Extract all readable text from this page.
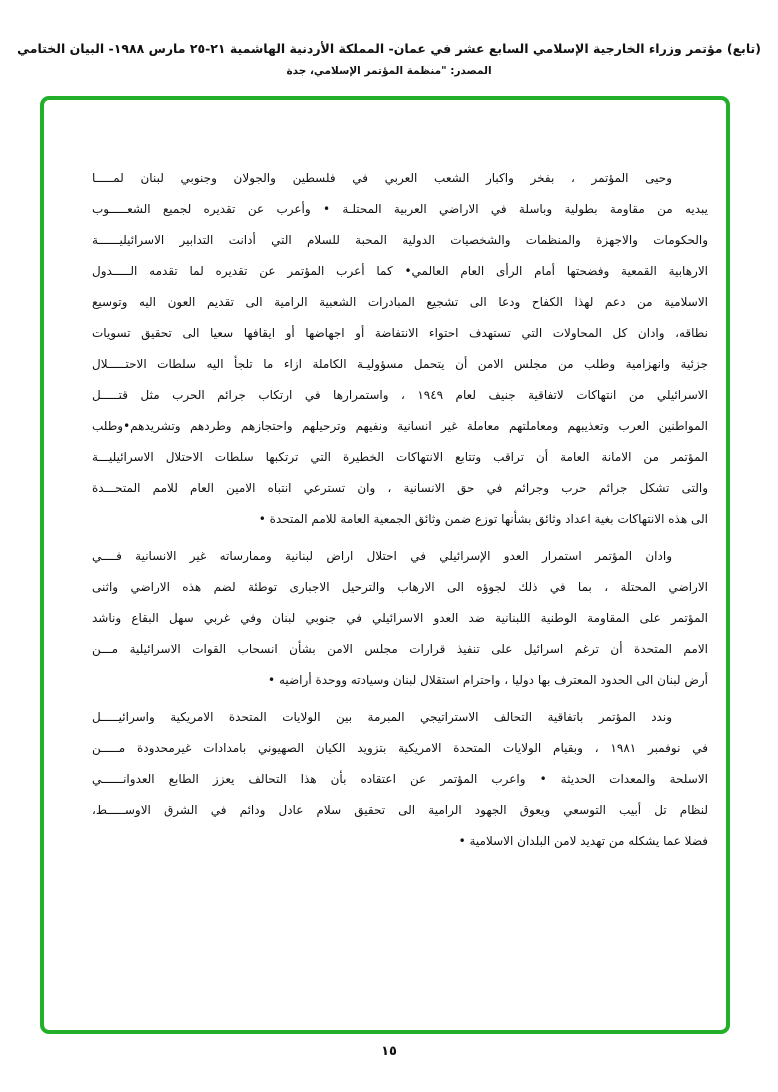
(تابع) مؤتمر وزراء الخارجية الإسلامي السابع عشر في عمان- المملكة الأردنية الهاشمية ٢١-٢٥ مارس ١٩٨٨- البيان الختامي
المصدر: "منظمة المؤتمر الإسلامي، جدة
وحيى المؤتمر ، بفخر واكبار الشعب العربي في فلسطين والجولان وجنوبي لبنان لمـــــا
يبديه من مقاومة بطولية وباسلة في الاراضي العربية المحتلـة • وأعرب عن تقديره لجميع الشعـــــوب
والحكومات والاجهزة والمنظمات والشخصيات الدولية المحبة للسلام التي أدانت التدابير الاسرائيليــــــة
الارهابية القمعية وفضحتها أمام الرأى العام العالمي• كما أعرب المؤتمر عن تقديره لما تقدمه الـــــدول
الاسلامية من دعم لهذا الكفاح ودعا الى تشجيع المبادرات الشعبية الرامية الى تقديم العون اليه وتوسيع
نطاقه، وادان كل المحاولات التي تستهدف احتواء الانتفاضة أو اجهاضها أو ايقافها سعيا الى تحقيق تسويات
جزئية وانهزامية وطلب من مجلس الامن أن يتحمل مسؤوليـة الكاملة ازاء ما تلجأ اليه سلطات الاحتـــــلال
الاسرائيلي من انتهاكات لاتفاقية جنيف لعام ١٩٤٩ ، واستمرارها في ارتكاب جرائم الحرب مثل قتـــــل
المواطنين العرب وتعذيبهم ومعاملتهم معاملة غير انسانية ونفيهم وترحيلهم واحتجازهم وطردهم وتشريدهم•وطلب
المؤتمر من الامانة العامة أن تراقب وتتابع الانتهاكات الخطيرة التي ترتكبها سلطات الاحتلال الاسرائيليـــة
والتى تشكل جرائم حرب وجرائم في حق الانسانية ، وان تسترعي انتباه الامين العام للامم المتحـــدة
الى هذه الانتهاكات بغية اعداد وثائق بشأنها توزع ضمن وثائق الجمعية العامة للامم المتحدة •
وادان المؤتمر استمرار العدو الإسرائيلي في احتلال اراض لبنانية وممارساته غير الانسانية فــــي
الاراضي المحتلة ، بما في ذلك لجوؤه الى الارهاب والترحيل الاجبارى توطئة لضم هذه الاراضي واثنى
المؤتمر على المقاومة الوطنية اللبنانية ضد العدو الاسرائيلي في جنوبي لبنان وفي غربي سهل البقاع وناشد
الامم المتحدة أن ترغم اسرائيل على تنفيذ قرارات مجلس الامن بشأن انسحاب القوات الاسرائيلية مـــن
أرض لبنان الى الحدود المعترف بها دوليا ، واحترام استقلال لبنان وسيادته ووحدة أراضيه •
وندد المؤتمر باتفاقية التحالف الاستراتيجي المبرمة بين الولايات المتحدة الامريكية واسرائيـــــل
في نوفمبر ١٩٨١ ، وبقيام الولايات المتحدة الامريكية بتزويد الكيان الصهيوني بامدادات غيرمحدودة مـــــن
الاسلحة والمعدات الحديثة • واعرب المؤتمر عن اعتقاده بأن هذا التحالف يعزز الطابع العدوانــــــي
لنظام تل أبيب التوسعي ويعوق الجهود الرامية الى تحقيق سلام عادل ودائم في الشرق الاوســـــط،
فضلا عما يشكله من تهديد لامن البلدان الاسلامية •
١٥
